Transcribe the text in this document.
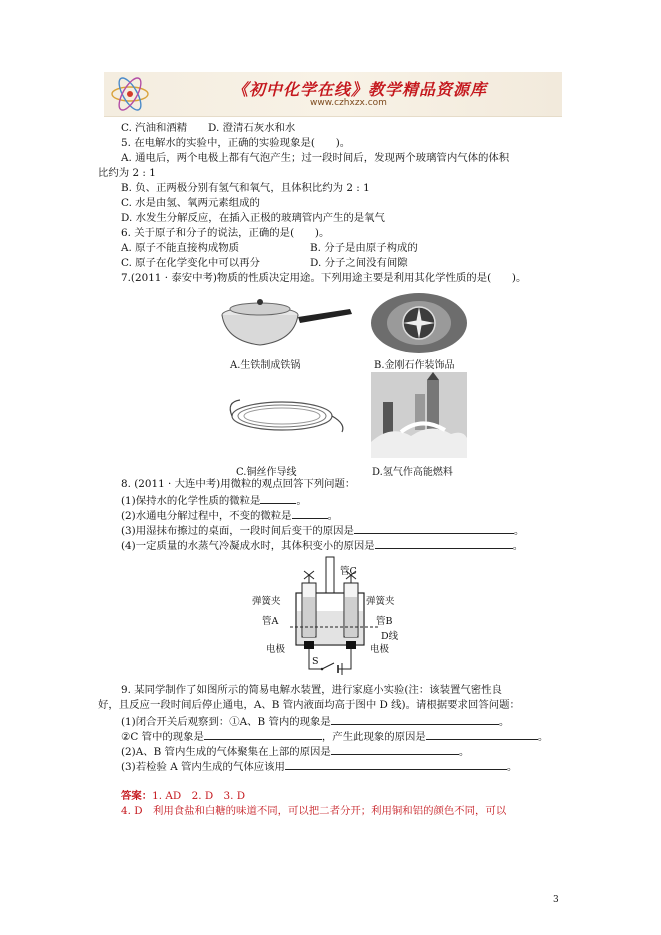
《初中化学在线》教学精品资源库
www.czhxzx.com
C. 汽油和酒精 D. 澄清石灰水和水
5. 在电解水的实验中，正确的实验现象是(　　)。
A. 通电后，两个电极上都有气泡产生；过一段时间后，发现两个玻璃管内气体的体积
比约为 2 : 1
B. 负、正两极分别有氢气和氧气，且体积比约为 2 : 1
C. 水是由氢、氧两元素组成的
D. 水发生分解反应，在插入正极的玻璃管内产生的是氧气
6. 关于原子和分子的说法，正确的是(　　)。
A. 原子不能直接构成物质	B. 分子是由原子构成的
C. 原子在化学变化中可以再分	D. 分子之间没有间隙
7.(2011 · 泰安中考)物质的性质决定用途。下列用途主要是利用其化学性质的是(　　)。
A.生铁制成铁锅	B.金刚石作装饰品
C.铜丝作导线	D.氢气作高能燃料
8. (2011 · 大连中考)用微粒的观点回答下列问题：
(1)保持水的化学性质的微粒是	。
(2)水通电分解过程中，不变的微粒是	。
(3)用湿抹布擦过的桌面，一段时间后变干的原因是	。
(4)一定质量的水蒸气冷凝成水时，其体积变小的原因是	。
管C
弹簧夹	弹簧夹
管A	管B
D线
电极	电极
S
9. 某同学制作了如图所示的简易电解水装置，进行家庭小实验(注：该装置气密性良
好，且反应一段时间后停止通电，A、B 管内液面均高于图中 D 线)。请根据要求回答问题：
(1)闭合开关后观察到：①A、B 管内的现象是	。
②C 管中的现象是	，产生此现象的原因是	。
(2)A、B 管内生成的气体聚集在上部的原因是	。
(3)若检验 A 管内生成的气体应该用	。
答案：1. AD　2. D　3. D
4. D　利用食盐和白糖的味道不同，可以把二者分开；利用铜和铝的颜色不同，可以
3
